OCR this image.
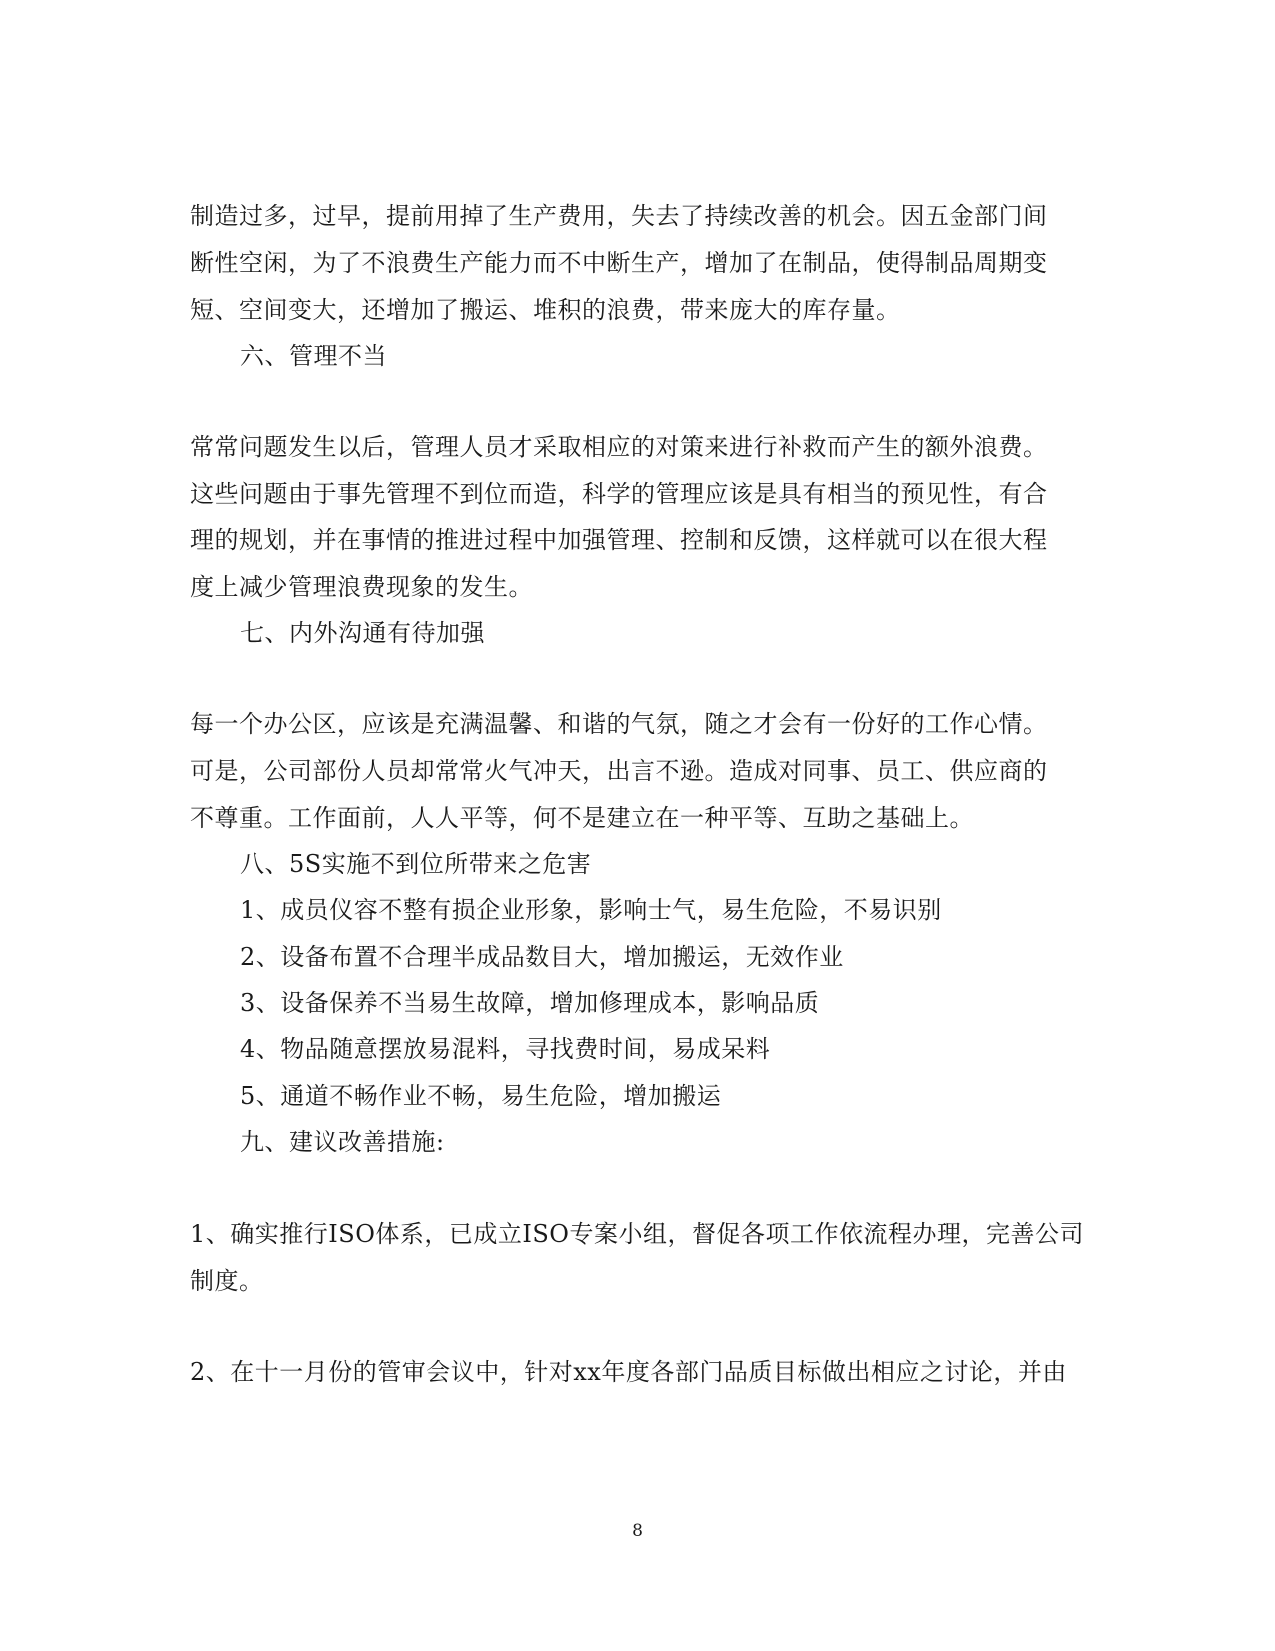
制造过多，过早，提前用掉了生产费用，失去了持续改善的机会。因五金部门间
断性空闲，为了不浪费生产能力而不中断生产，增加了在制品，使得制品周期变
短、空间变大，还增加了搬运、堆积的浪费，带来庞大的库存量。
六、管理不当
常常问题发生以后，管理人员才采取相应的对策来进行补救而产生的额外浪费。
这些问题由于事先管理不到位而造，科学的管理应该是具有相当的预见性，有合
理的规划，并在事情的推进过程中加强管理、控制和反馈，这样就可以在很大程
度上减少管理浪费现象的发生。
七、内外沟通有待加强
每一个办公区，应该是充满温馨、和谐的气氛，随之才会有一份好的工作心情。
可是，公司部份人员却常常火气冲天，出言不逊。造成对同事、员工、供应商的
不尊重。工作面前，人人平等，何不是建立在一种平等、互助之基础上。
八、5S实施不到位所带来之危害
1、成员仪容不整有损企业形象，影响士气，易生危险，不易识别
2、设备布置不合理半成品数目大，增加搬运，无效作业
3、设备保养不当易生故障，增加修理成本，影响品质
4、物品随意摆放易混料，寻找费时间，易成呆料
5、通道不畅作业不畅，易生危险，增加搬运
九、建议改善措施:
1、确实推行ISO体系，已成立ISO专案小组，督促各项工作依流程办理，完善公司
制度。
2、在十一月份的管审会议中，针对xx年度各部门品质目标做出相应之讨论，并由
8
